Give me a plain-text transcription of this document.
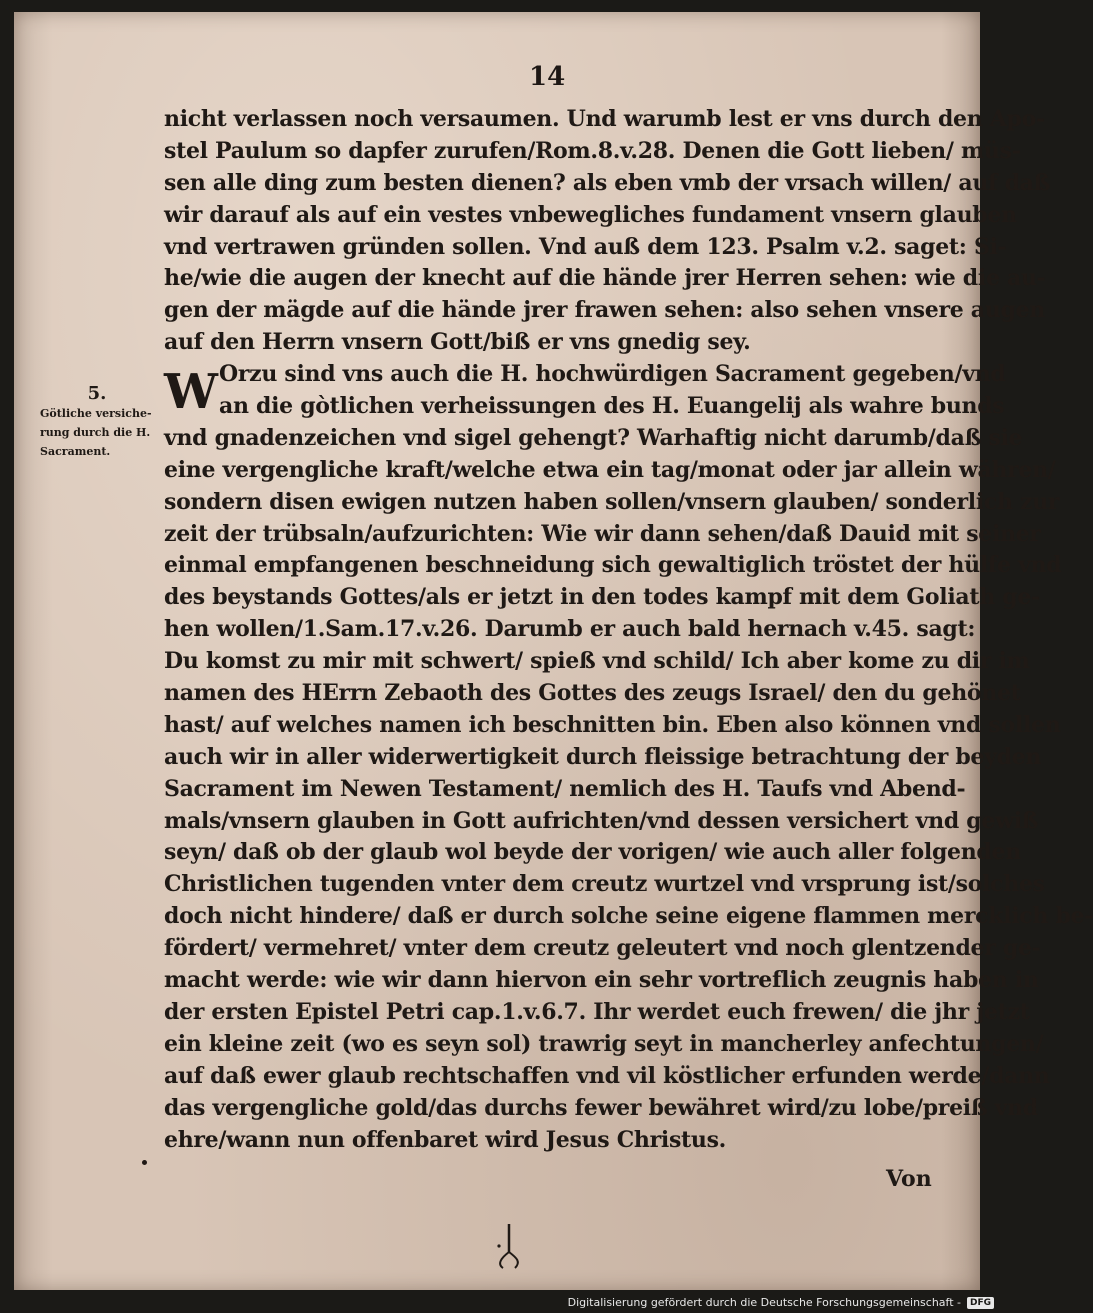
14
W
5.
Götliche versiche-
rung durch die H.
Sacrament.
nicht verlassen noch versaumen. Und warumb lest er vns durch den Apo-
stel Paulum so dapfer zurufen/Rom.8.v.28. Denen die Gott lieben/ müs-
sen alle ding zum besten dienen? als eben vmb der vrsach willen/ auf daß
wir darauf als auf ein vestes vnbewegliches fundament vnsern glauben
vnd vertrawen gründen sollen. Vnd auß dem 123. Psalm v.2. saget: Si-
he/wie die augen der knecht auf die hände jrer Herren sehen: wie die au-
gen der mägde auf die hände jrer frawen sehen: also sehen vnsere augen
auf den Herrn vnsern Gott/biß er vns gnedig sey.
Orzu sind vns auch die H. hochwürdigen Sacrament gegeben/vnd
an die gòtlichen verheissungen des H. Euangelij als wahre bunds
vnd gnadenzeichen vnd sigel gehengt? Warhaftig nicht darumb/daß sie
eine vergengliche kraft/welche etwa ein tag/monat oder jar allein währen/
sondern disen ewigen nutzen haben sollen/vnsern glauben/ sonderlich zur
zeit der trübsaln/aufzurichten: Wie wir dann sehen/daß Dauid mit seiner
einmal empfangenen beschneidung sich gewaltiglich tröstet der hülfe vnd
des beystands Gottes/als er jetzt in den todes kampf mit dem Goliath ge-
hen wollen/1.Sam.17.v.26. Darumb er auch bald hernach v.45. sagt:
Du komst zu mir mit schwert/ spieß vnd schild/ Ich aber kome zu dir im
namen des HErrn Zebaoth des Gottes des zeugs Israel/ den du gehönet
hast/ auf welches namen ich beschnitten bin. Eben also können vnd sollen
auch wir in aller widerwertigkeit durch fleissige betrachtung der beyden
Sacrament im Newen Testament/ nemlich des H. Taufs vnd Abend-
mals/vnsern glauben in Gott aufrichten/vnd dessen versichert vnd gewiß
seyn/ daß ob der glaub wol beyde der vorigen/ wie auch aller folgenden
Christlichen tugenden vnter dem creutz wurtzel vnd vrsprung ist/solches
doch nicht hindere/ daß er durch solche seine eigene flammen mercklich be-
fördert/ vermehret/ vnter dem creutz geleutert vnd noch glentzender ge-
macht werde: wie wir dann hiervon ein sehr vortreflich zeugnis haben in
der ersten Epistel Petri cap.1.v.6.7. Ihr werdet euch frewen/ die jhr jetzt
ein kleine zeit (wo es seyn sol) trawrig seyt in mancherley anfechtungen/
auf daß ewer glaub rechtschaffen vnd vil köstlicher erfunden werde/dann
das vergengliche gold/das durchs fewer bewähret wird/zu lobe/preiß vnd
ehre/wann nun offenbaret wird Jesus Christus.
Von
Digitalisierung gefördert durch die Deutsche Forschungsgemeinschaft -	DFG
